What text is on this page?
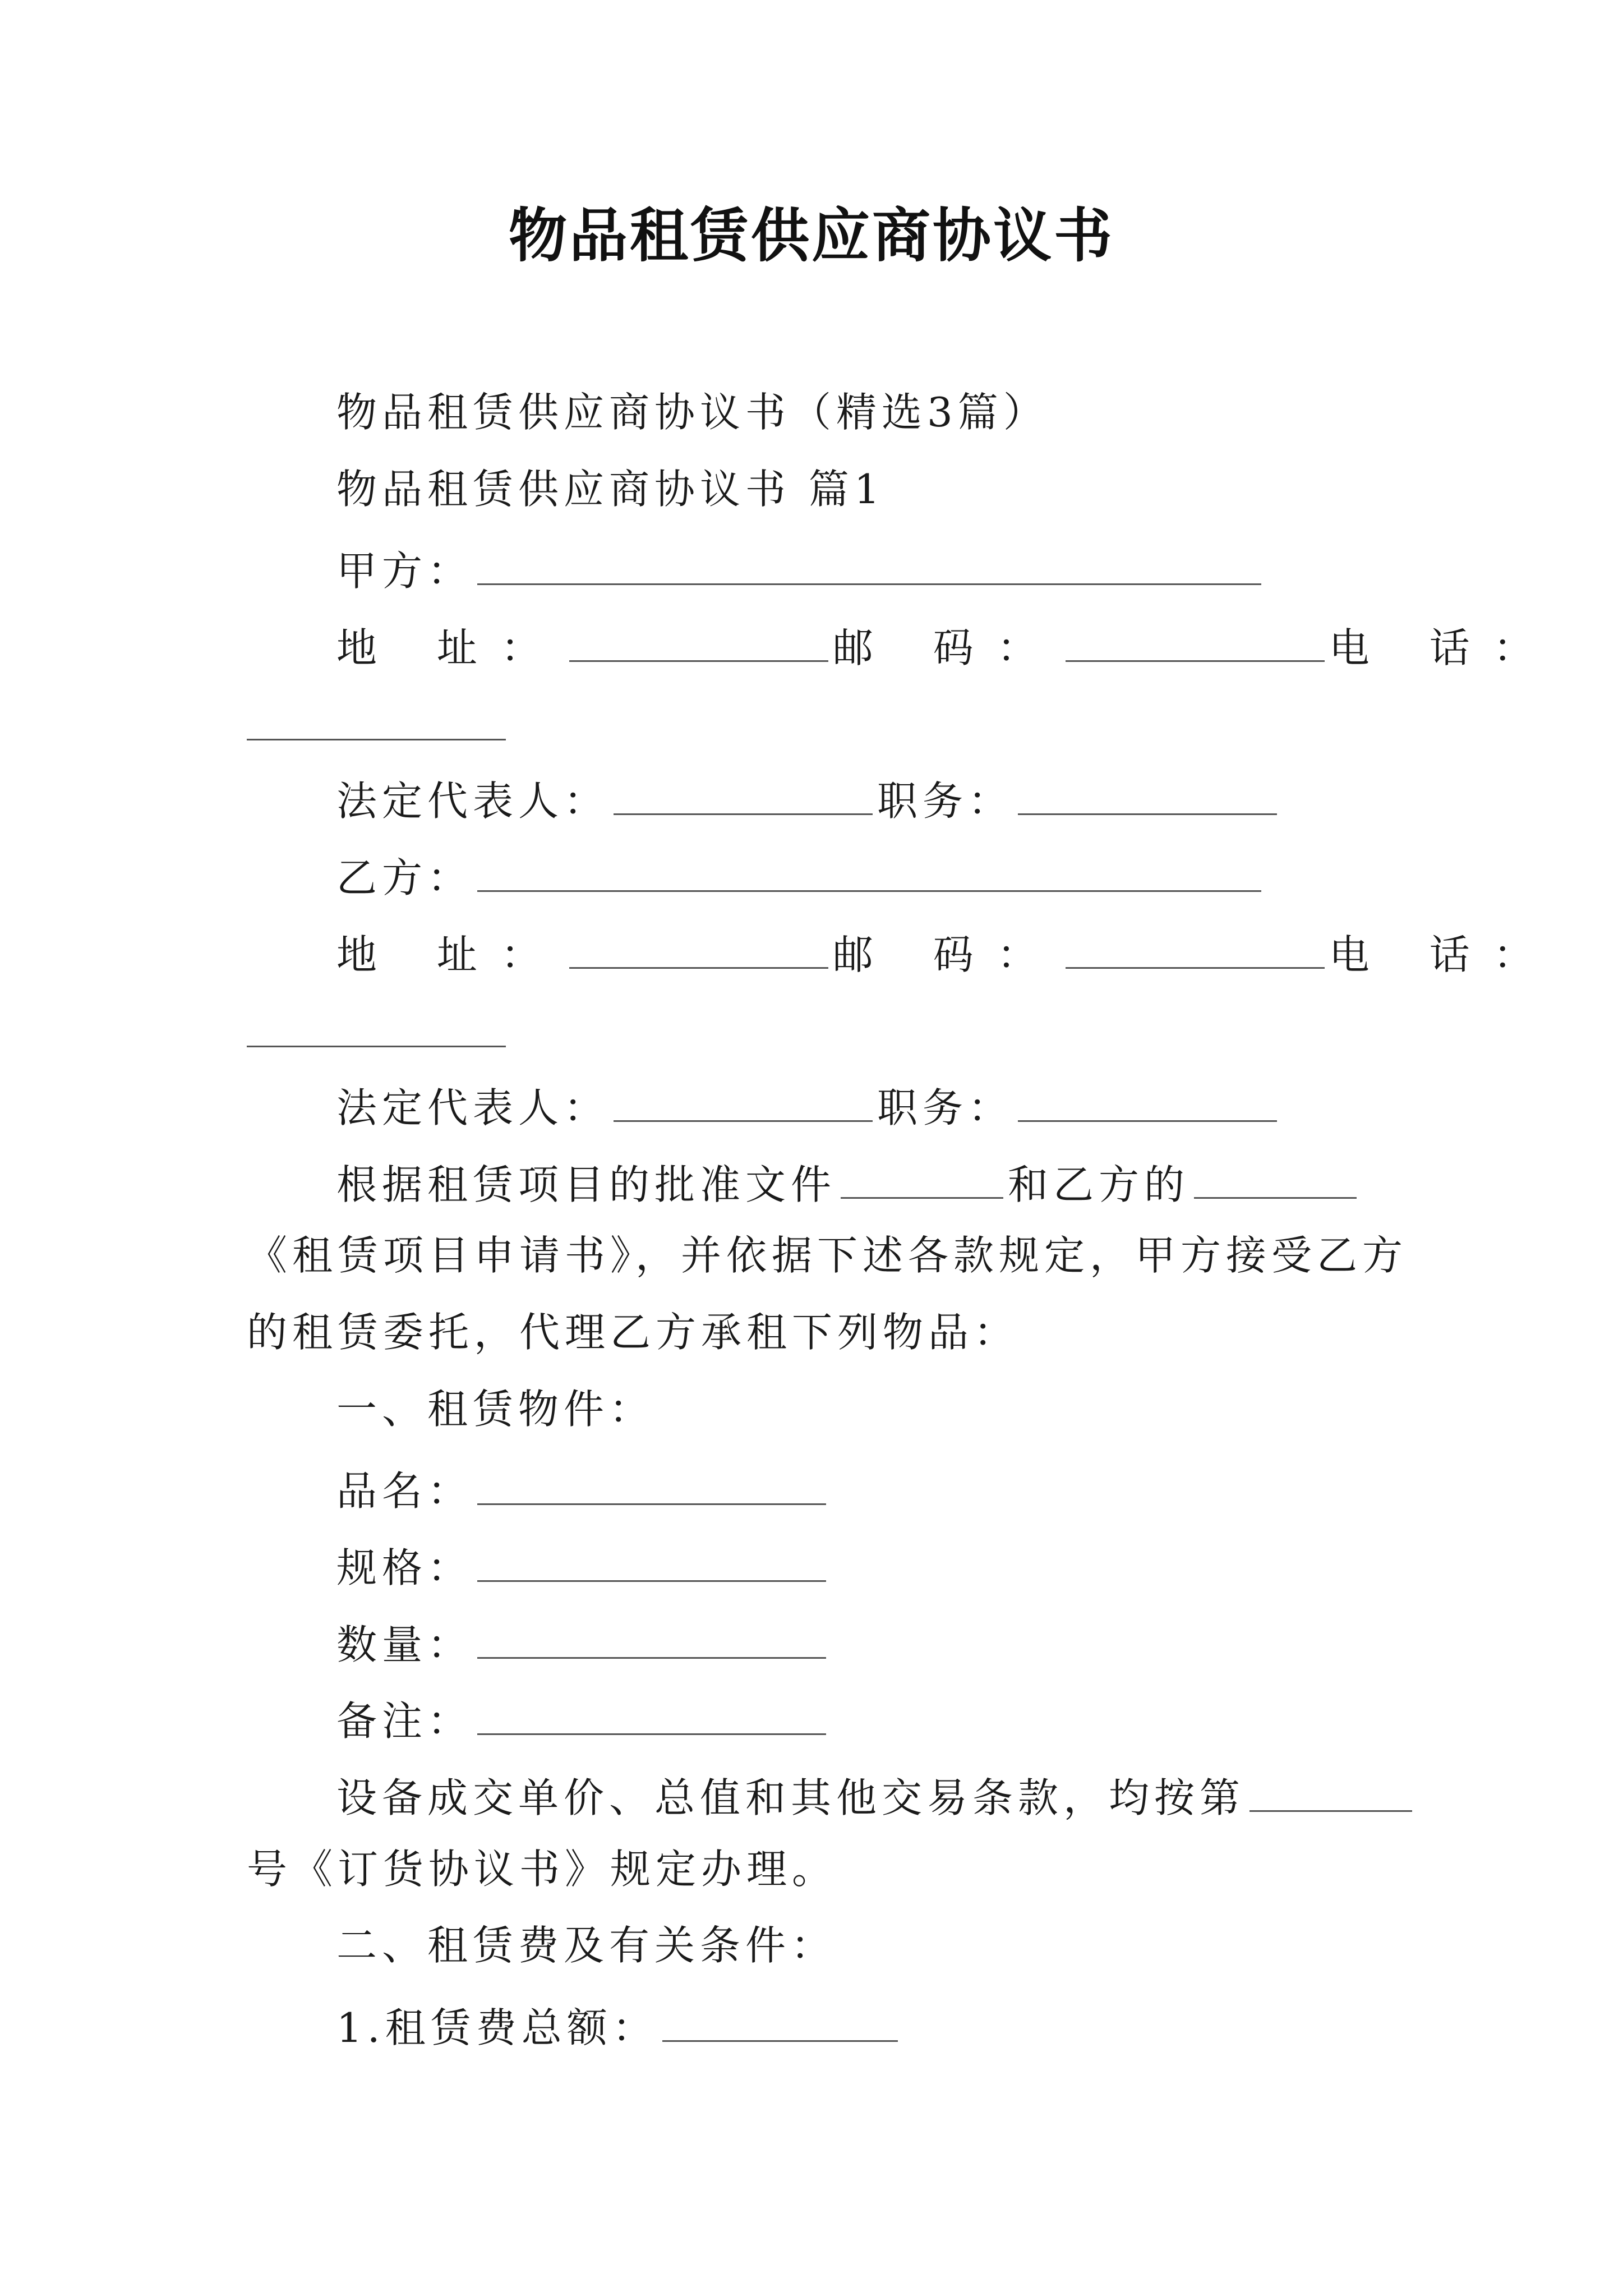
物品租赁供应商协议书
物品租赁供应商协议书（精选3篇）
物品租赁供应商协议书 篇1
甲方：
地 址：	邮 码：	电 话：
法定代表人：	职务：
乙方：
地 址：	邮 码：	电 话：
法定代表人：	职务：
根据租赁项目的批准文件	和乙方的
《租赁项目申请书》，并依据下述各款规定，甲方接受乙方
的租赁委托，代理乙方承租下列物品：
一、租赁物件：
品名：
规格：
数量：
备注：
设备成交单价、总值和其他交易条款，均按第
号《订货协议书》规定办理。
二、租赁费及有关条件：
1.租赁费总额：
